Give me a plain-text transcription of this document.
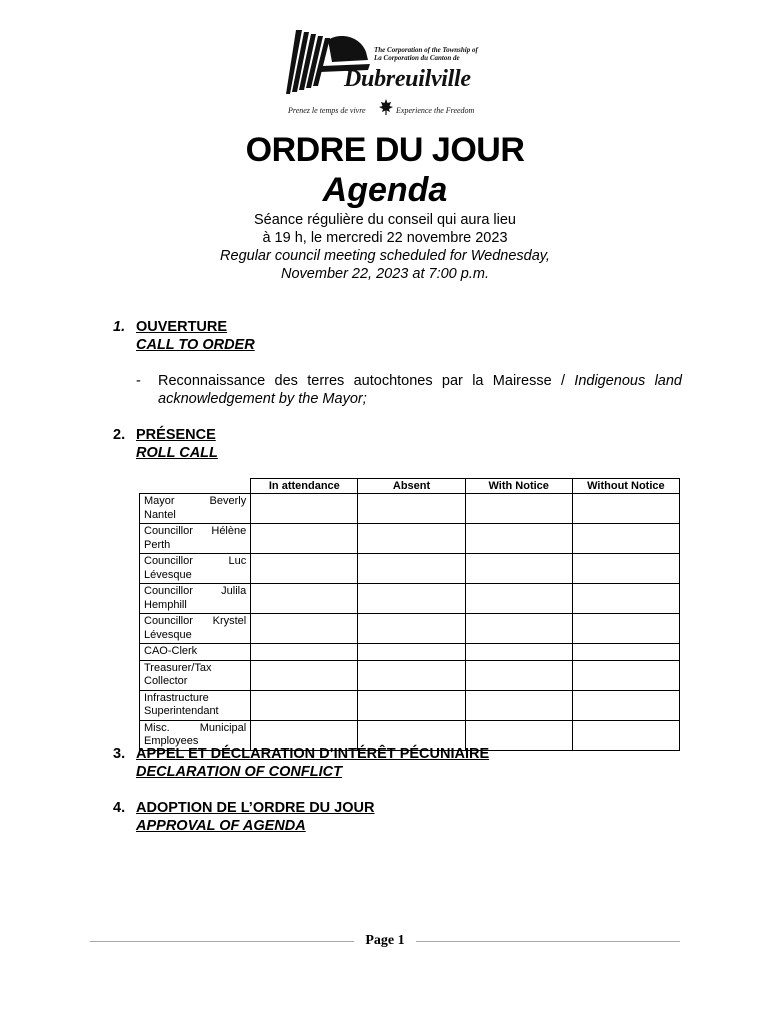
The Corporation of the Township of
La Corporation du Canton de
Dubreuilville
Prenez le temps de vivre	Experience the Freedom
ORDRE DU JOUR
Agenda
Séance régulière du conseil qui aura lieu
à 19 h, le mercredi 22 novembre 2023
Regular council meeting scheduled for Wednesday,
November 22, 2023 at 7:00 p.m.
1. OUVERTURE
CALL TO ORDER
- Reconnaissance des terres autochtones par la Mairesse / Indigenous land acknowledgement by the Mayor;
2. PRÉSENCE
ROLL CALL
	In attendance	Absent	With Notice	Without Notice
Mayor Beverly Nantel				
Councillor Hélène Perth				
Councillor Luc Lévesque				
Councillor Julila Hemphill				
Councillor Krystel Lévesque				
CAO-Clerk				
Treasurer/Tax Collector				
Infrastructure Superintendant				
Misc. Municipal Employees				
3. APPEL ET DÉCLARATION D’INTÉRÊT PÉCUNIAIRE
DECLARATION OF CONFLICT
4. ADOPTION DE L’ORDRE DU JOUR
APPROVAL OF AGENDA
Page 1
